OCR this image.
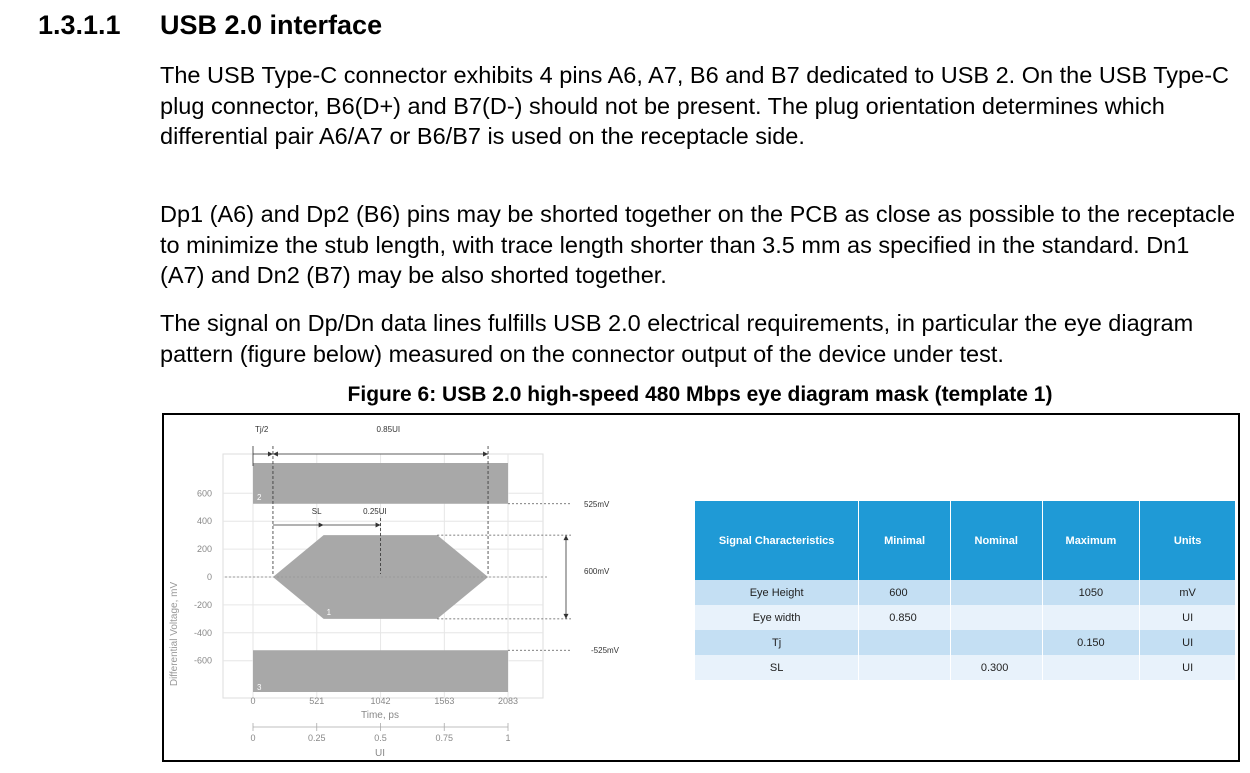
1.3.1.1 USB 2.0 interface

The USB Type-C connector exhibits 4 pins A6, A7, B6 and B7 dedicated to USB 2. On the USB Type-C plug connector, B6(D+) and B7(D-) should not be present. The plug orientation determines which differential pair A6/A7 or B6/B7 is used on the receptacle side.

Dp1 (A6) and Dp2 (B6) pins may be shorted together on the PCB as close as possible to the receptacle to minimize the stub length, with trace length shorter than 3.5 mm as specified in the standard. Dn1 (A7) and Dn2 (B7) may be also shorted together.

The signal on Dp/Dn data lines fulfills USB 2.0 electrical requirements, in particular the eye diagram pattern (figure below) measured on the connector output of the device under test.

Figure 6: USB 2.0 high-speed 480 Mbps eye diagram mask (template 1)
2
1
3
Tj/2	0.85UI
SL	0.25UI
525mV
600mV
-525mV
600
400
200
0
-200
-400
-600
0	521	1042	1563	2083
0	0.25	0.5	0.75	1
Differential Voltage, mV
Time, ps
UI
Signal Characteristics	Minimal	Nominal	Maximum	Units
Eye Height	600		1050	mV
Eye width	0.850			UI
Tj			0.150	UI
SL		0.300		UI
